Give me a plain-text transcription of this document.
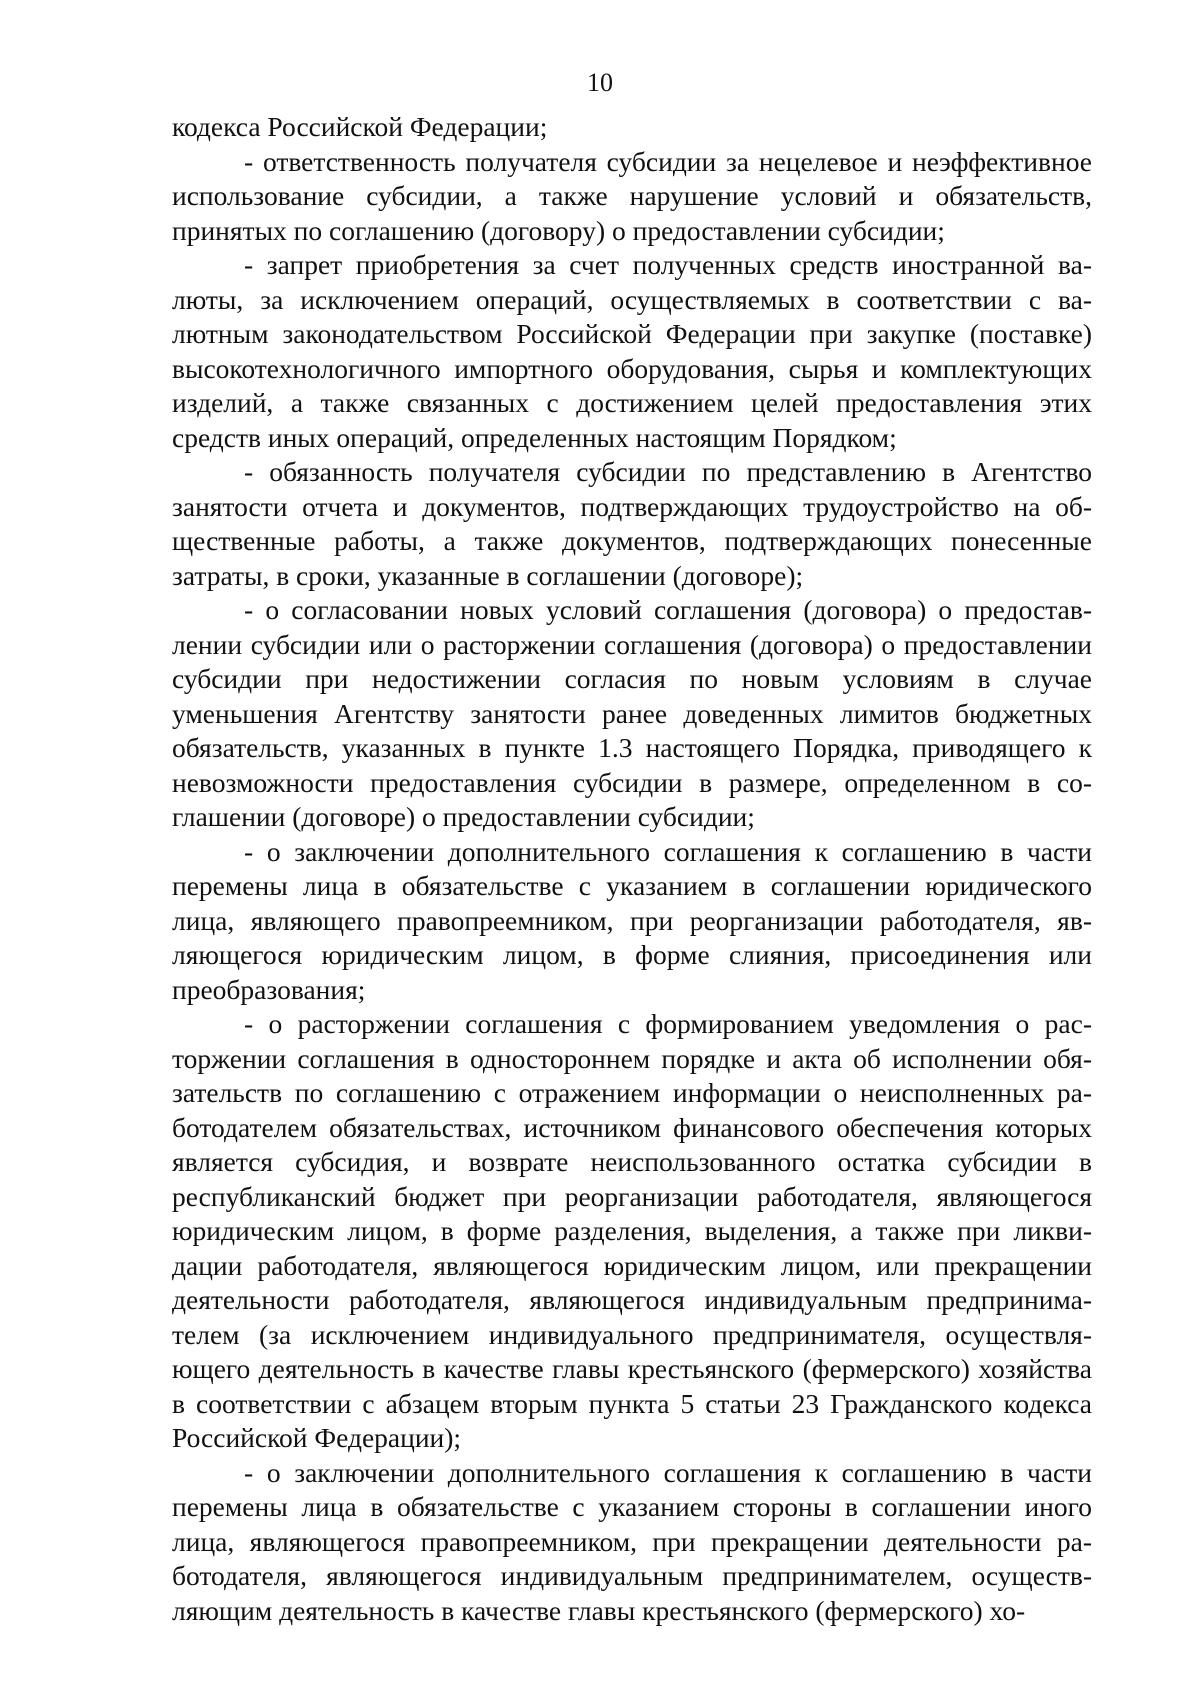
10

кодекса Российской Федерации;

- ответственность получателя субсидии за нецелевое и неэффективное использование субсидии, а также нарушение условий и обязательств, принятых по соглашению (договору) о предоставлении субсидии;

- запрет приобретения за счет полученных средств иностранной валюты, за исключением операций, осуществляемых в соответствии с валютным законодательством Российской Федерации при закупке (поставке) высокотехнологичного импортного оборудования, сырья и комплектующих изделий, а также связанных с достижением целей предоставления этих средств иных операций, определенных настоящим Порядком;

- обязанность получателя субсидии по представлению в Агентство занятости отчета и документов, подтверждающих трудоустройство на общественные работы, а также документов, подтверждающих понесенные затраты, в сроки, указанные в соглашении (договоре);

- о согласовании новых условий соглашения (договора) о предоставлении субсидии или о расторжении соглашения (договора) о предоставлении субсидии при недостижении согласия по новым условиям в случае уменьшения Агентству занятости ранее доведенных лимитов бюджетных обязательств, указанных в пункте 1.3 настоящего Порядка, приводящего к невозможности предоставления субсидии в размере, определенном в соглашении (договоре) о предоставлении субсидии;

- о заключении дополнительного соглашения к соглашению в части перемены лица в обязательстве с указанием в соглашении юридического лица, являющего правопреемником, при реорганизации работодателя, являющегося юридическим лицом, в форме слияния, присоединения или преобразования;

- о расторжении соглашения с формированием уведомления о расторжении соглашения в одностороннем порядке и акта об исполнении обязательств по соглашению с отражением информации о неисполненных работодателем обязательствах, источником финансового обеспечения которых является субсидия, и возврате неиспользованного остатка субсидии в республиканский бюджет при реорганизации работодателя, являющегося юридическим лицом, в форме разделения, выделения, а также при ликвидации работодателя, являющегося юридическим лицом, или прекращении деятельности работодателя, являющегося индивидуальным предпринимателем (за исключением индивидуального предпринимателя, осуществляющего деятельность в качестве главы крестьянского (фермерского) хозяйства в соответствии с абзацем вторым пункта 5 статьи 23 Гражданского кодекса Российской Федерации);

- о заключении дополнительного соглашения к соглашению в части перемены лица в обязательстве с указанием стороны в соглашении иного лица, являющегося правопреемником, при прекращении деятельности работодателя, являющегося индивидуальным предпринимателем, осуществляющим деятельность в качестве главы крестьянского (фермерского) хо-
